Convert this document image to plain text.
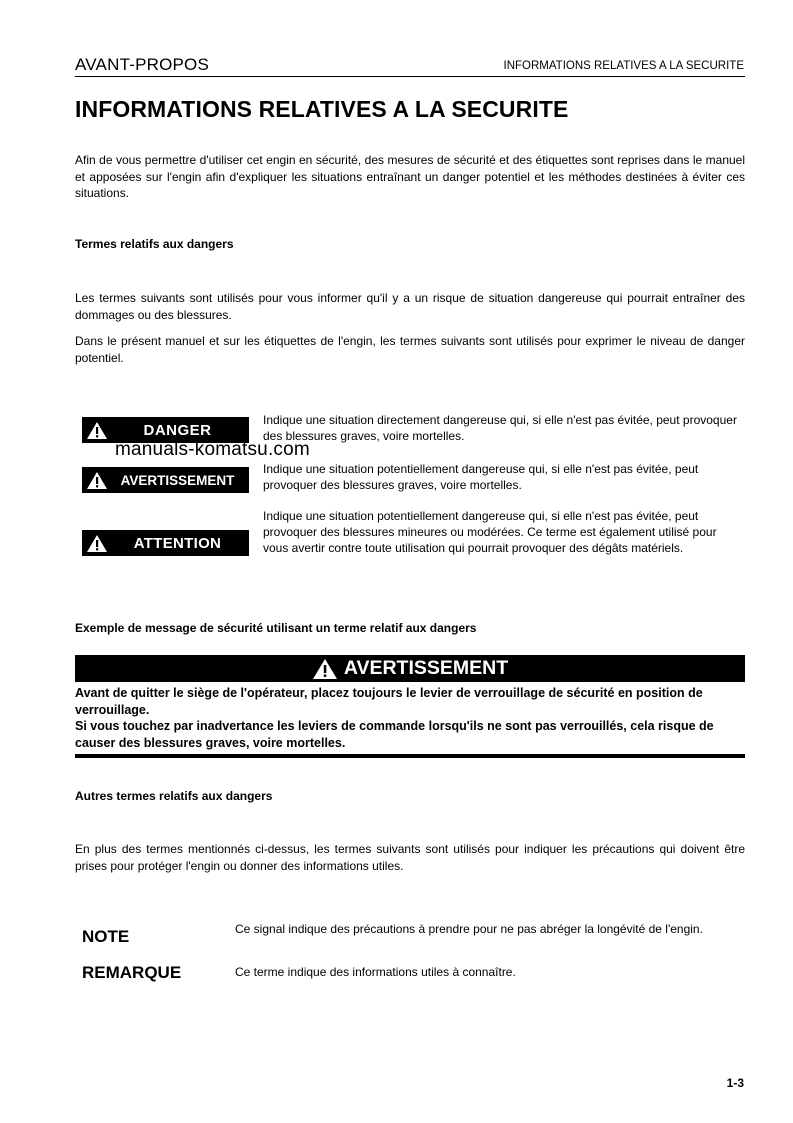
AVANT-PROPOS	INFORMATIONS RELATIVES A LA SECURITE
INFORMATIONS RELATIVES A LA SECURITE
Afin de vous permettre d'utiliser cet engin en sécurité, des mesures de sécurité et des étiquettes sont reprises dans le manuel et apposées sur l'engin afin d'expliquer les situations entraînant un danger potentiel et les méthodes destinées à éviter ces situations.
Termes relatifs aux dangers
Les termes suivants sont utilisés pour vous informer qu'il y a un risque de situation dangereuse qui pourrait entraîner des dommages ou des blessures.
Dans le présent manuel et sur les étiquettes de l'engin, les termes suivants sont utilisés pour exprimer le niveau de danger potentiel.
DANGER
Indique une situation directement dangereuse qui, si elle n'est pas évitée, peut provoquer des blessures graves, voire mortelles.
AVERTISSEMENT
Indique une situation potentiellement dangereuse qui, si elle n'est pas évitée, peut provoquer des blessures graves, voire mortelles.
ATTENTION
Indique une situation potentiellement dangereuse qui, si elle n'est pas évitée, peut provoquer des blessures mineures ou modérées. Ce terme est également utilisé pour vous avertir contre toute utilisation qui pourrait provoquer des dégâts matériels.
manuals-komatsu.com
Exemple de message de sécurité utilisant un terme relatif aux dangers
AVERTISSEMENT
Avant de quitter le siège de l'opérateur, placez toujours le levier de verrouillage de sécurité en position de verrouillage.
Si vous touchez par inadvertance les leviers de commande lorsqu'ils ne sont pas verrouillés, cela risque de causer des blessures graves, voire mortelles.
Autres termes relatifs aux dangers
En plus des termes mentionnés ci-dessus, les termes suivants sont utilisés pour indiquer les précautions qui doivent être prises pour protéger l'engin ou donner des informations utiles.
NOTE	Ce signal indique des précautions à prendre pour ne pas abréger la longévité de l'engin.
REMARQUE	Ce terme indique des informations utiles à connaître.
1-3
